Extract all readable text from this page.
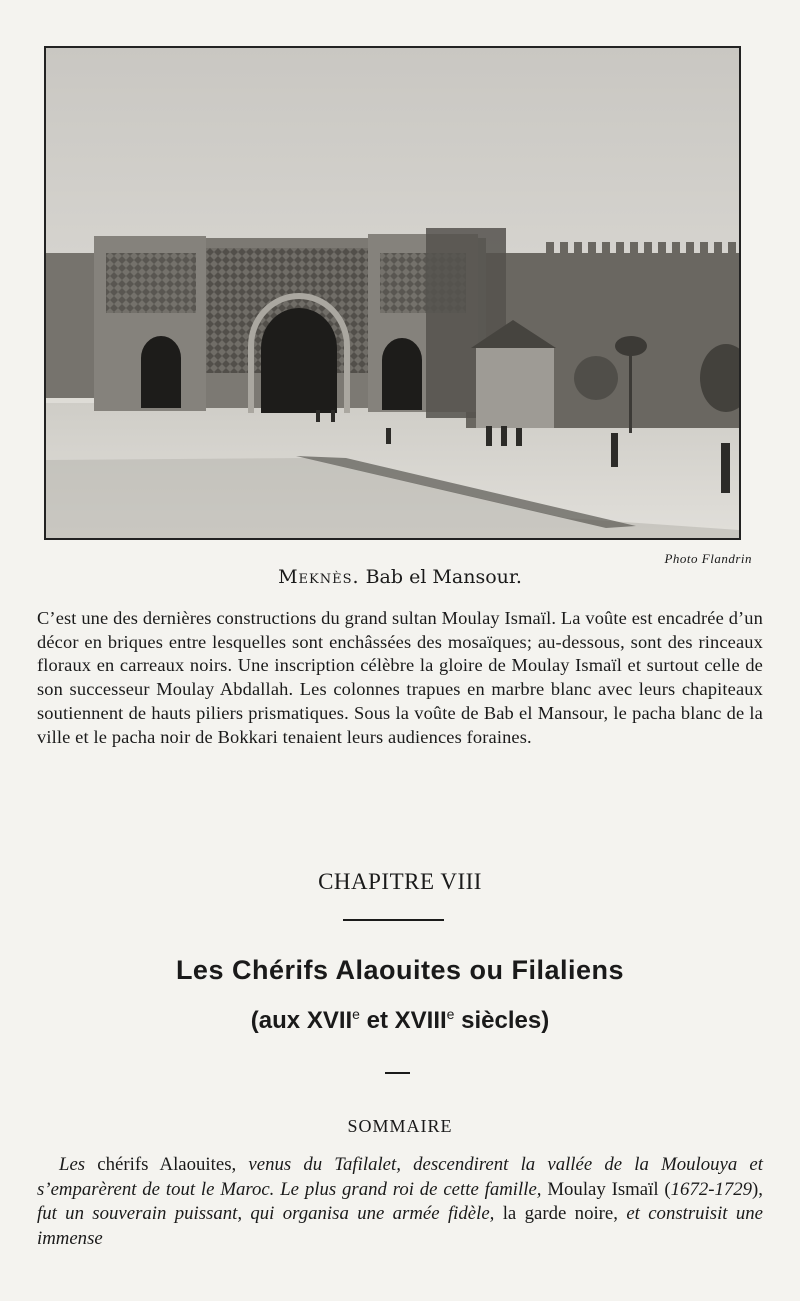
Photo Flandrin
Meknès. Bab el Mansour.

C’est une des dernières constructions du grand sultan Moulay Ismaïl. La voûte est encadrée d’un décor en briques entre lesquelles sont enchâssées des mosaïques; au-dessous, sont des rinceaux floraux en carreaux noirs. Une inscription célèbre la gloire de Moulay Ismaïl et surtout celle de son successeur Moulay Abdallah. Les colonnes trapues en marbre blanc avec leurs chapiteaux soutiennent de hauts piliers prismatiques. Sous la voûte de Bab el Mansour, le pacha blanc de la ville et le pacha noir de Bokkari tenaient leurs audiences foraines.

CHAPITRE VIII
Les Chérifs Alaouites ou Filaliens
(aux XVIIe et XVIIIe siècles)
SOMMAIRE

Les chérifs Alaouites, venus du Tafilalet, descendirent la vallée de la Moulouya et s’emparèrent de tout le Maroc. Le plus grand roi de cette famille, Moulay Ismaïl (1672-1729), fut un souverain puissant, qui organisa une armée fidèle, la garde noire, et construisit une immense
